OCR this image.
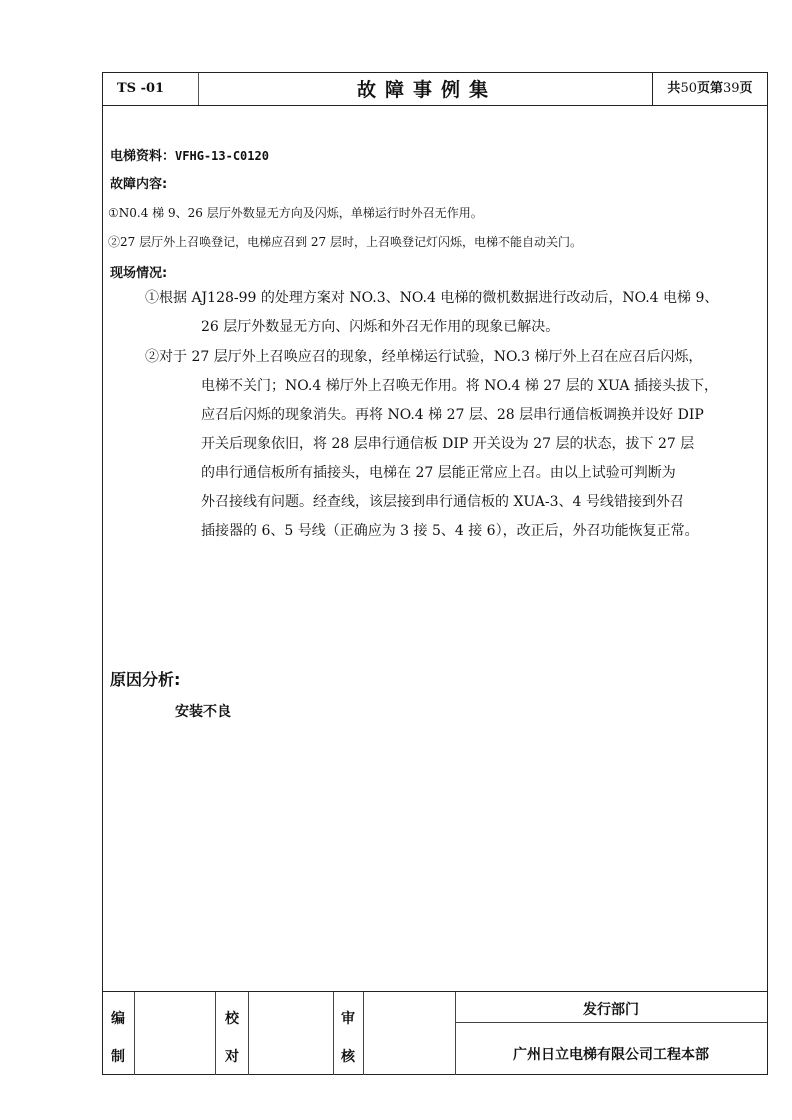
TS -01	故障事例集	共50页第39页
电梯资料：VFHG-13-C0120
故障内容:
①N0.4 梯 9、26 层厅外数显无方向及闪烁，单梯运行时外召无作用。
②27 层厅外上召唤登记，电梯应召到 27 层时，上召唤登记灯闪烁，电梯不能自动关门。
现场情况:
①根据 AJ128-99 的处理方案对 NO.3、NO.4 电梯的微机数据进行改动后，NO.4 电梯 9、
26 层厅外数显无方向、闪烁和外召无作用的现象已解决。
②对于 27 层厅外上召唤应召的现象，经单梯运行试验，NO.3 梯厅外上召在应召后闪烁，
电梯不关门；NO.4 梯厅外上召唤无作用。将 NO.4 梯 27 层的 XUA 插接头拔下，
应召后闪烁的现象消失。再将 NO.4 梯 27 层、28 层串行通信板调换并设好 DIP
开关后现象依旧，将 28 层串行通信板 DIP 开关设为 27 层的状态，拔下 27 层
的串行通信板所有插接头，电梯在 27 层能正常应上召。由以上试验可判断为
外召接线有问题。经查线，该层接到串行通信板的 XUA-3、4 号线错接到外召
插接器的 6、5 号线（正确应为 3 接 5、4 接 6），改正后，外召功能恢复正常。
原因分析:
安装不良
编
制
校
对
审
核
发行部门
广州日立电梯有限公司工程本部
